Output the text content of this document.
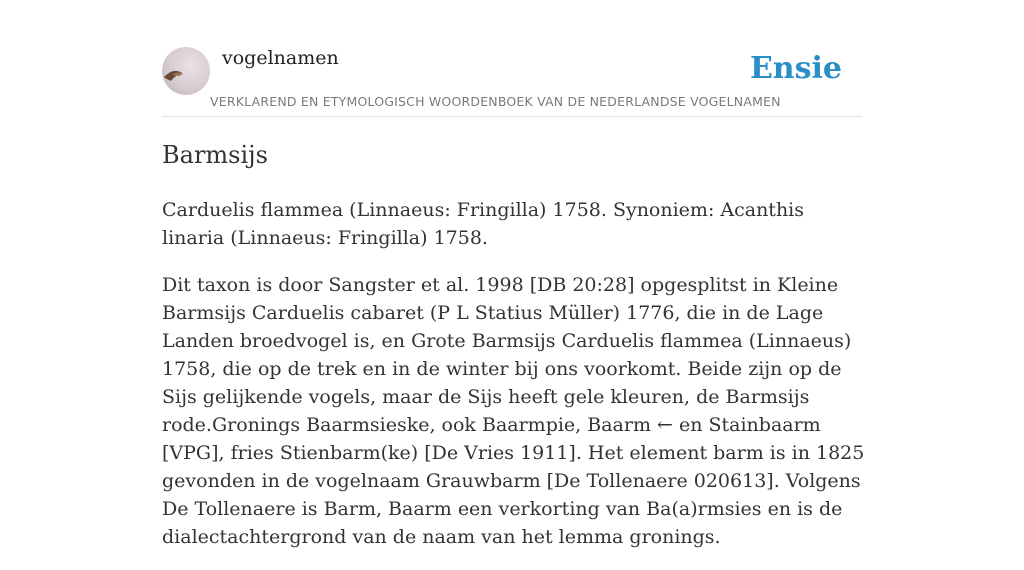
vogelnamen	Ensie
VERKLAREND EN ETYMOLOGISCH WOORDENBOEK VAN DE NEDERLANDSE VOGELNAMEN
Barmsijs

Carduelis flammea (Linnaeus: Fringilla) 1758. Synoniem: Acanthis linaria (Linnaeus: Fringilla) 1758.

Dit taxon is door Sangster et al. 1998 [DB 20:28] opgesplitst in Kleine Barmsijs Carduelis cabaret (P L Statius Müller) 1776, die in de Lage Landen broedvogel is, en Grote Barmsijs Carduelis flammea (Linnaeus) 1758, die op de trek en in de winter bij ons voorkomt. Beide zijn op de Sijs gelijkende vogels, maar de Sijs heeft gele kleuren, de Barmsijs rode.Gronings Baarmsieske, ook Baarmpie, Baarm ← en Stainbaarm [VPG], fries Stienbarm(ke) [De Vries 1911]. Het element barm is in 1825 gevonden in de vogelnaam Grauwbarm [De Tollenaere 020613]. Volgens De Tollenaere is Barm, Baarm een verkorting van Ba(a)rmsies en is de dialectachtergrond van de naam van het lemma gronings.
